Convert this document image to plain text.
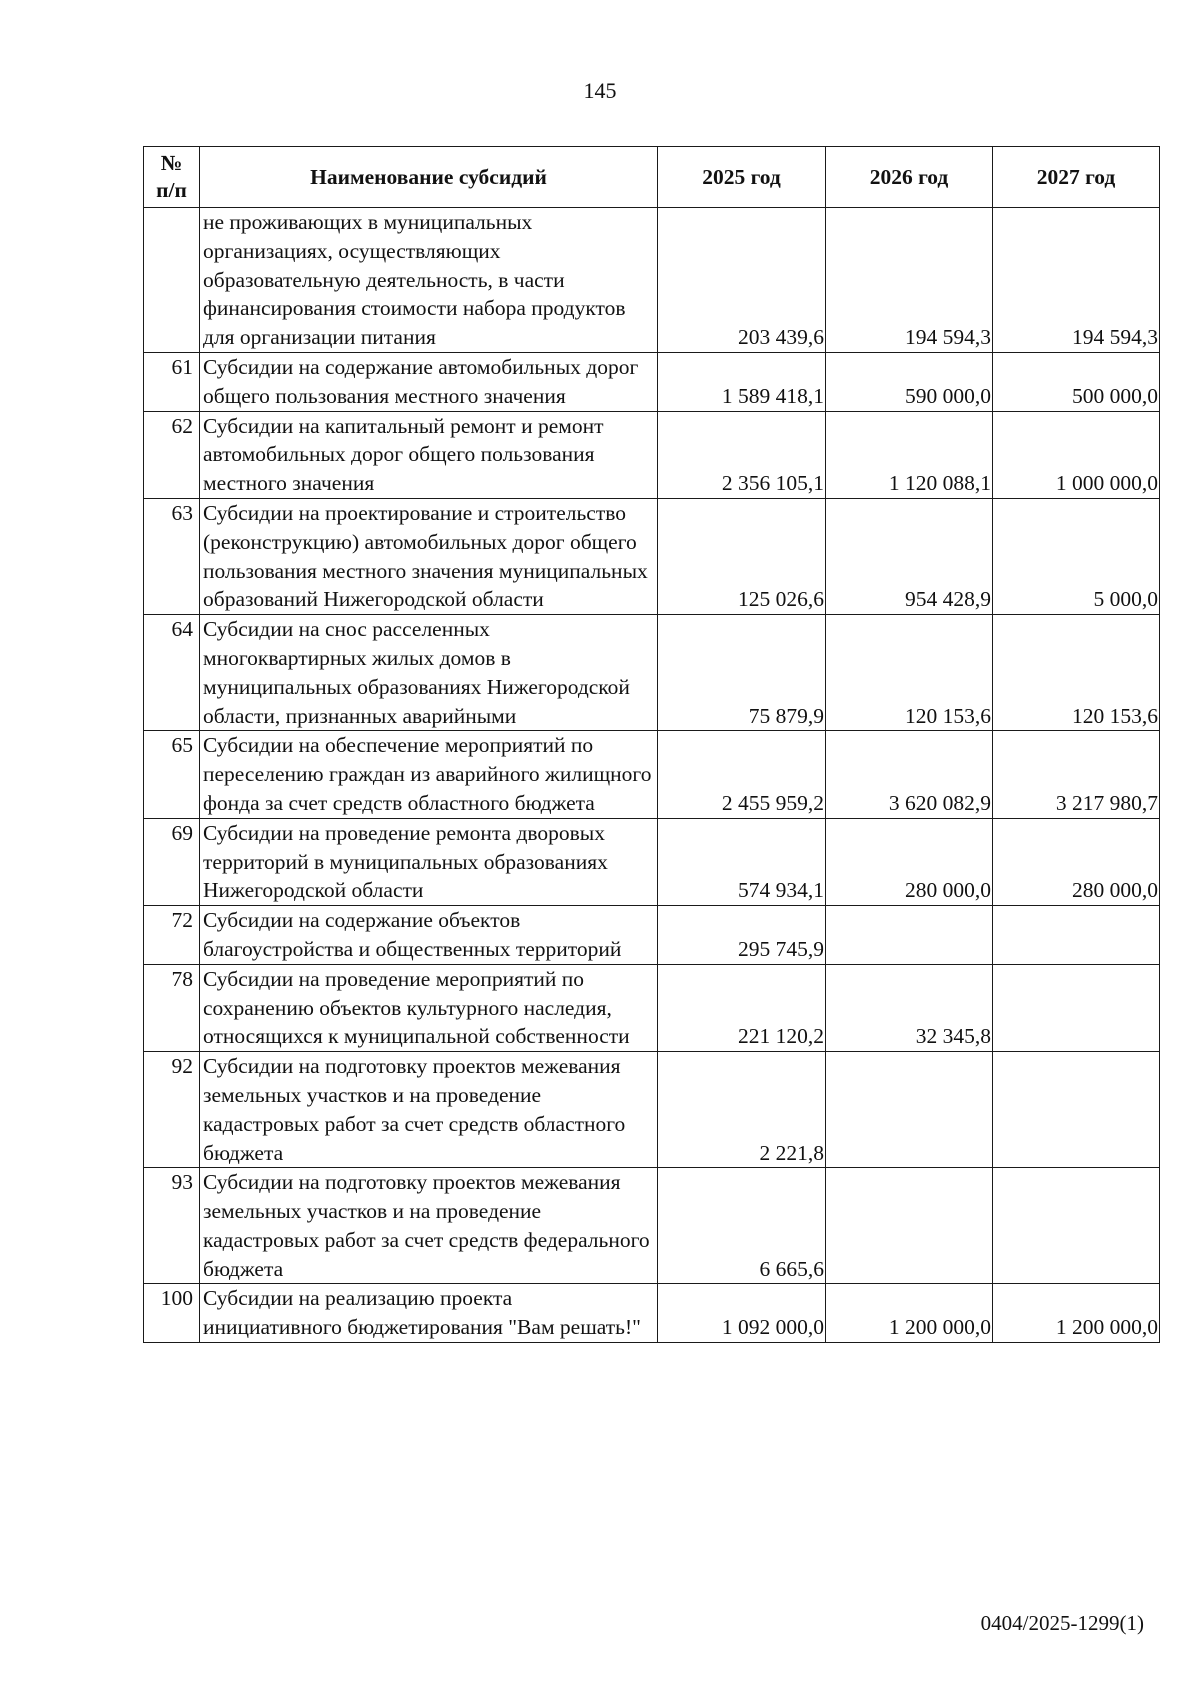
145
№ п/п	Наименование субсидий	2025 год	2026 год	2027 год
	не проживающих в муниципальных организациях, осуществляющих образовательную деятельность, в части финансирования стоимости набора продуктов для организации питания	203 439,6	194 594,3	194 594,3
61	Субсидии на содержание автомобильных дорог общего пользования местного значения	1 589 418,1	590 000,0	500 000,0
62	Субсидии на капитальный ремонт и ремонт автомобильных дорог общего пользования местного значения	2 356 105,1	1 120 088,1	1 000 000,0
63	Субсидии на проектирование и строительство (реконструкцию) автомобильных дорог общего пользования местного значения муниципальных образований Нижегородской области	125 026,6	954 428,9	5 000,0
64	Субсидии на снос расселенных многоквартирных жилых домов в муниципальных образованиях Нижегородской области, признанных аварийными	75 879,9	120 153,6	120 153,6
65	Субсидии на обеспечение мероприятий по переселению граждан из аварийного жилищного фонда за счет средств областного бюджета	2 455 959,2	3 620 082,9	3 217 980,7
69	Субсидии на проведение ремонта дворовых территорий в муниципальных образованиях Нижегородской области	574 934,1	280 000,0	280 000,0
72	Субсидии на содержание объектов благоустройства и общественных территорий	295 745,9		
78	Субсидии на проведение мероприятий по сохранению объектов культурного наследия, относящихся к муниципальной собственности	221 120,2	32 345,8	
92	Субсидии на подготовку проектов межевания земельных участков и на проведение кадастровых работ за счет средств областного бюджета	2 221,8		
93	Субсидии на подготовку проектов межевания земельных участков и на проведение кадастровых работ за счет средств федерального бюджета	6 665,6		
100	Субсидии на реализацию проекта инициативного бюджетирования "Вам решать!"	1 092 000,0	1 200 000,0	1 200 000,0
0404/2025-1299(1)
